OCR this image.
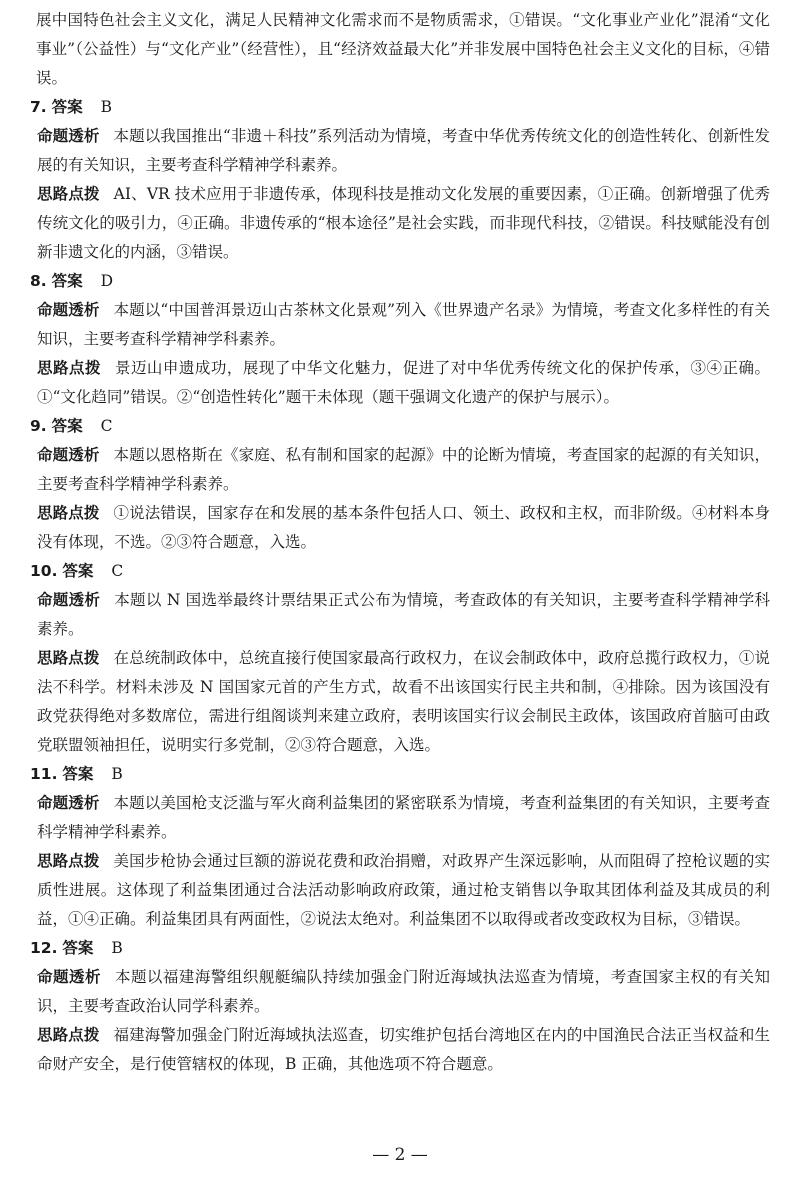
展中国特色社会主义文化，满足人民精神文化需求而不是物质需求，①错误。“文化事业产业化”混淆“文化事业”（公益性）与“文化产业”（经营性），且“经济效益最大化”并非发展中国特色社会主义文化的目标，④错误。

7. 答案 B

命题透析 本题以我国推出“非遗＋科技”系列活动为情境，考查中华优秀传统文化的创造性转化、创新性发展的有关知识，主要考查科学精神学科素养。

思路点拨 AI、VR 技术应用于非遗传承，体现科技是推动文化发展的重要因素，①正确。创新增强了优秀传统文化的吸引力，④正确。非遗传承的“根本途径”是社会实践，而非现代科技，②错误。科技赋能没有创新非遗文化的内涵，③错误。

8. 答案 D

命题透析 本题以“中国普洱景迈山古茶林文化景观”列入《世界遗产名录》为情境，考查文化多样性的有关知识，主要考查科学精神学科素养。

思路点拨 景迈山申遗成功，展现了中华文化魅力，促进了对中华优秀传统文化的保护传承，③④正确。①“文化趋同”错误。②“创造性转化”题干未体现（题干强调文化遗产的保护与展示）。

9. 答案 C

命题透析 本题以恩格斯在《家庭、私有制和国家的起源》中的论断为情境，考查国家的起源的有关知识，主要考查科学精神学科素养。

思路点拨 ①说法错误，国家存在和发展的基本条件包括人口、领土、政权和主权，而非阶级。④材料本身没有体现，不选。②③符合题意，入选。

10. 答案 C

命题透析 本题以 N 国选举最终计票结果正式公布为情境，考查政体的有关知识，主要考查科学精神学科素养。

思路点拨 在总统制政体中，总统直接行使国家最高行政权力，在议会制政体中，政府总揽行政权力，①说法不科学。材料未涉及 N 国国家元首的产生方式，故看不出该国实行民主共和制，④排除。因为该国没有政党获得绝对多数席位，需进行组阁谈判来建立政府，表明该国实行议会制民主政体，该国政府首脑可由政党联盟领袖担任，说明实行多党制，②③符合题意，入选。

11. 答案 B

命题透析 本题以美国枪支泛滥与军火商利益集团的紧密联系为情境，考查利益集团的有关知识，主要考查科学精神学科素养。

思路点拨 美国步枪协会通过巨额的游说花费和政治捐赠，对政界产生深远影响，从而阻碍了控枪议题的实质性进展。这体现了利益集团通过合法活动影响政府政策，通过枪支销售以争取其团体利益及其成员的利益，①④正确。利益集团具有两面性，②说法太绝对。利益集团不以取得或者改变政权为目标，③错误。

12. 答案 B

命题透析 本题以福建海警组织舰艇编队持续加强金门附近海域执法巡查为情境，考查国家主权的有关知识，主要考查政治认同学科素养。

思路点拨 福建海警加强金门附近海域执法巡查，切实维护包括台湾地区在内的中国渔民合法正当权益和生命财产安全，是行使管辖权的体现，B 正确，其他选项不符合题意。

— 2 —
